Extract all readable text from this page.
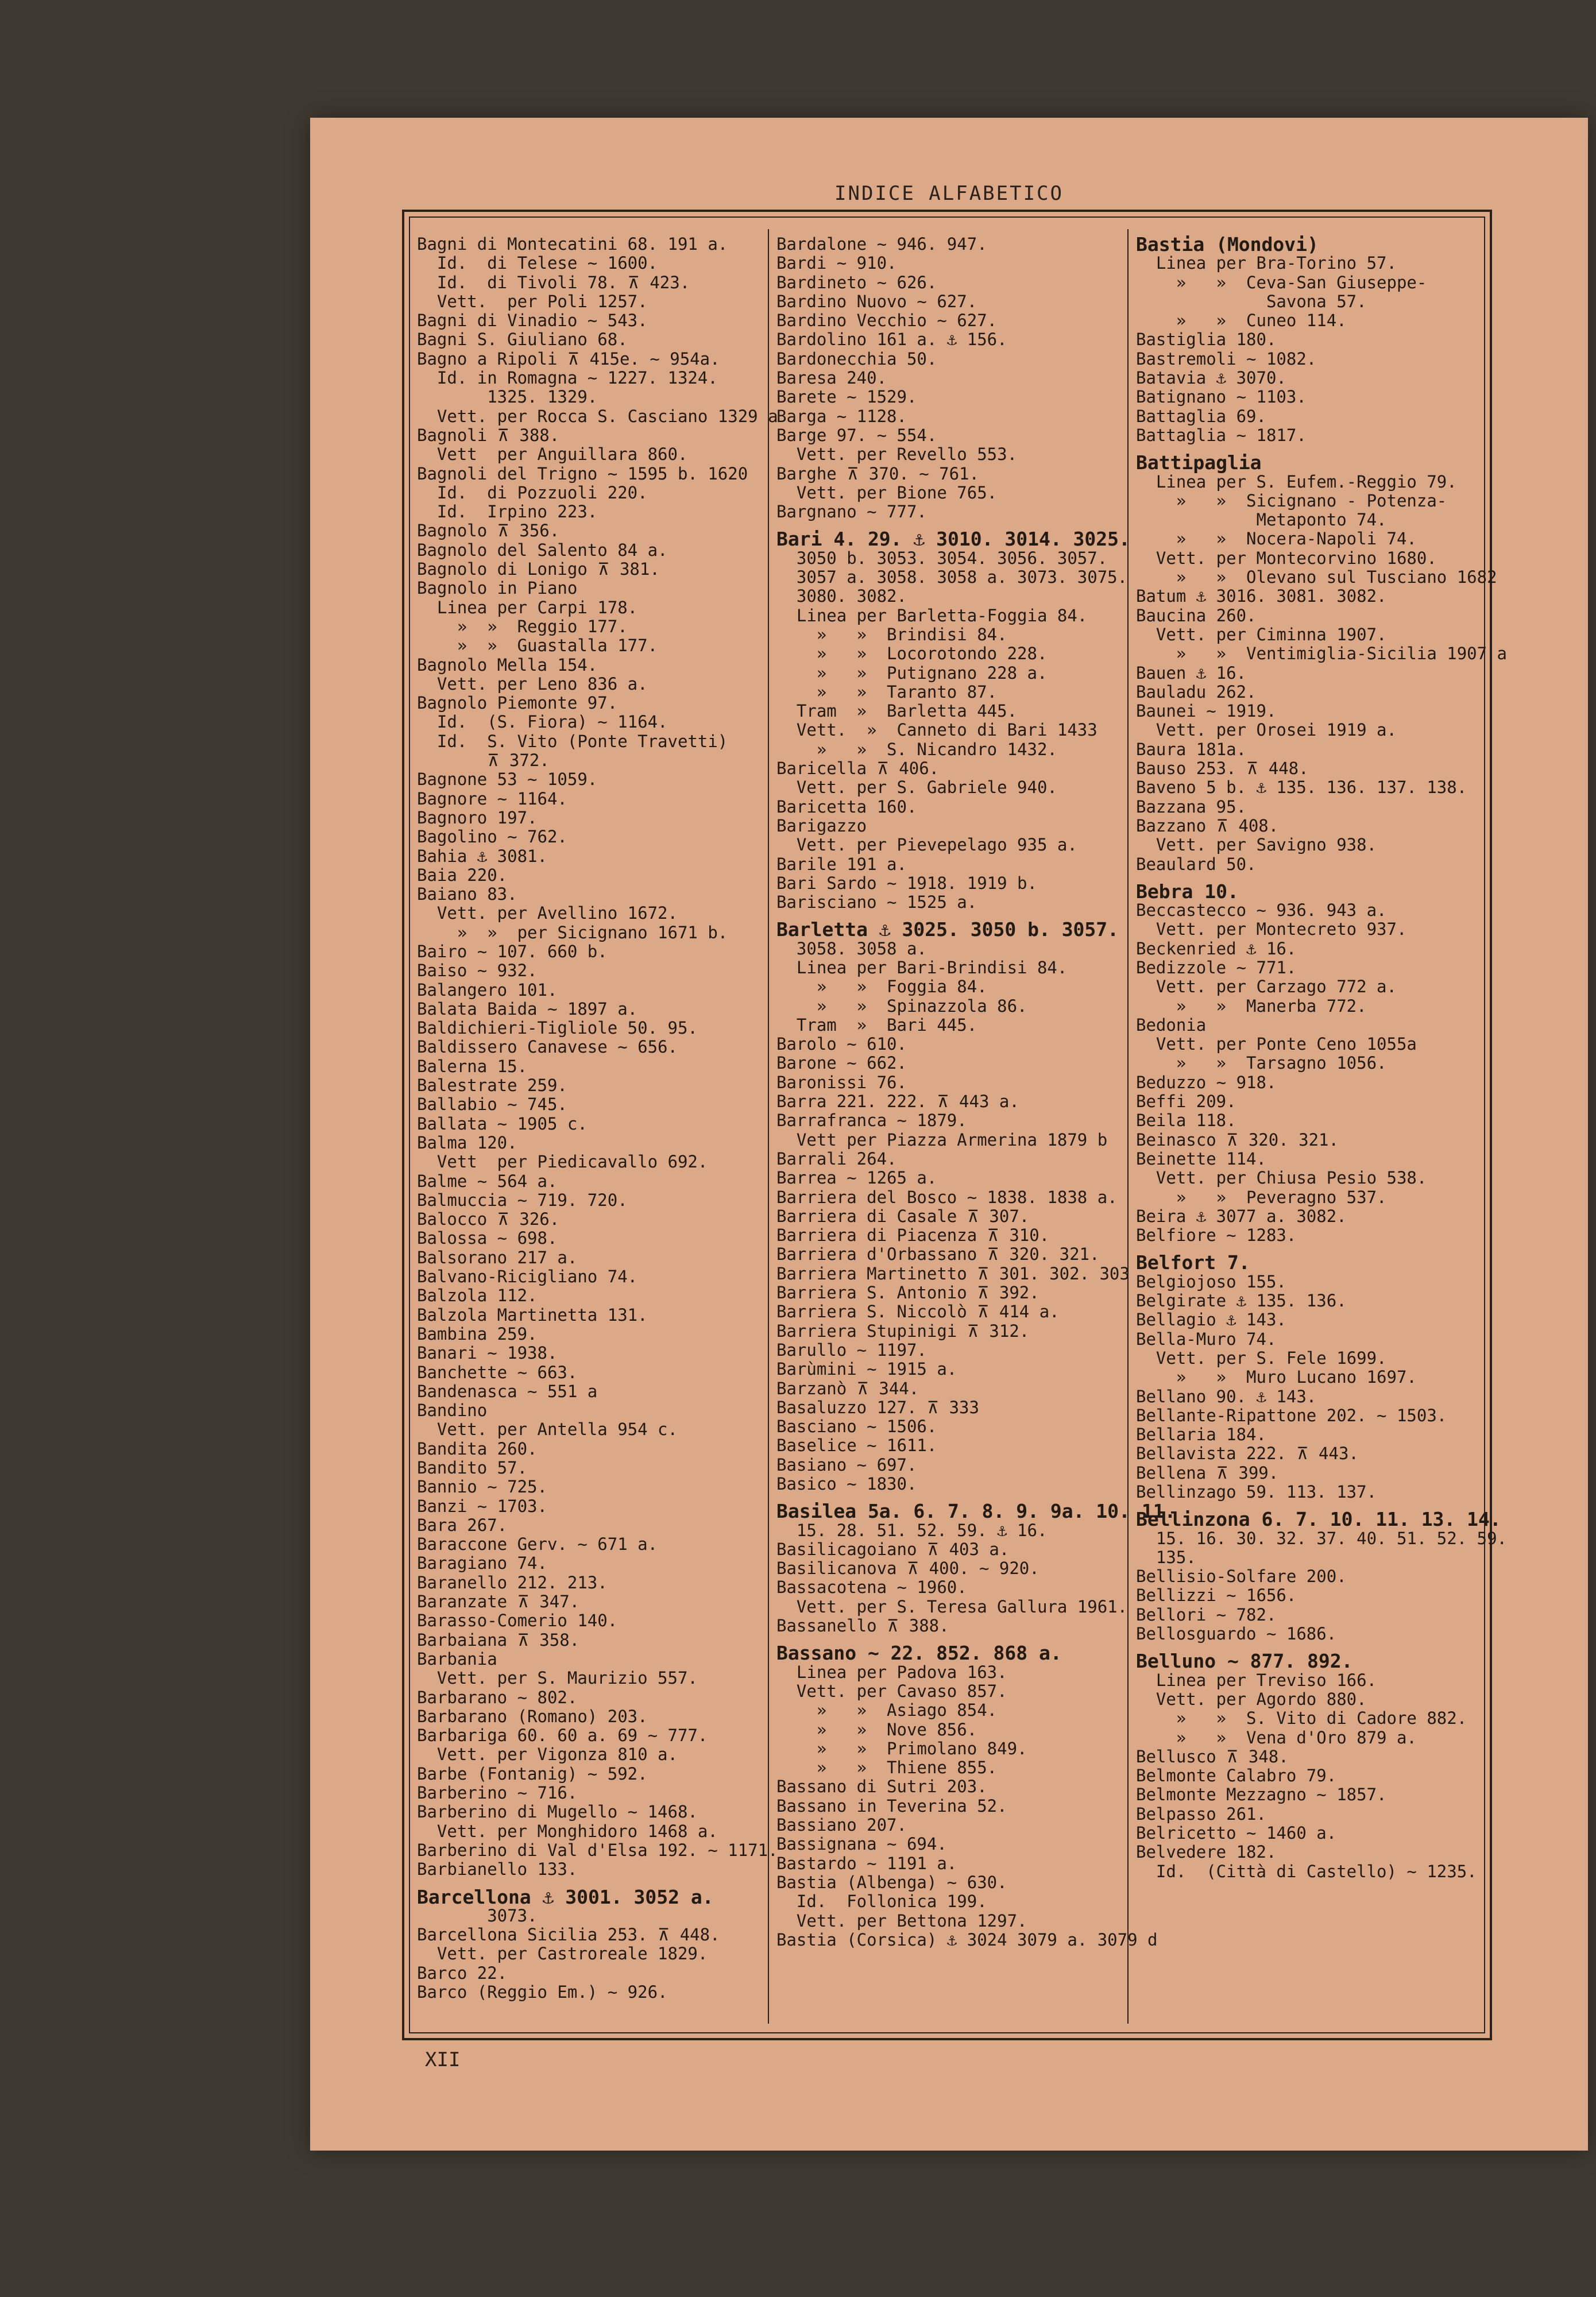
INDICE ALFABETICO
Bagni di Montecatini 68. 191 a.
Id.  di Telese ~ 1600.
Id.  di Tivoli 78. ⊼ 423.
Vett.  per Poli 1257.
Bagni di Vinadio ~ 543.
Bagni S. Giuliano 68.
Bagno a Ripoli ⊼ 415e. ~ 954a.
Id. in Romagna ~ 1227. 1324.
1325. 1329.
Vett. per Rocca S. Casciano 1329 a
Bagnoli ⊼ 388.
Vett  per Anguillara 860.
Bagnoli del Trigno ~ 1595 b. 1620
Id.  di Pozzuoli 220.
Id.  Irpino 223.
Bagnolo ⊼ 356.
Bagnolo del Salento 84 a.
Bagnolo di Lonigo ⊼ 381.
Bagnolo in Piano
Linea per Carpi 178.
»  »  Reggio 177.
»  »  Guastalla 177.
Bagnolo Mella 154.
Vett. per Leno 836 a.
Bagnolo Piemonte 97.
Id.  (S. Fiora) ~ 1164.
Id.  S. Vito (Ponte Travetti)
⊼ 372.
Bagnone 53 ~ 1059.
Bagnore ~ 1164.
Bagnoro 197.
Bagolino ~ 762.
Bahia ⚓ 3081.
Baia 220.
Baiano 83.
Vett. per Avellino 1672.
»  »  per Sicignano 1671 b.
Bairo ~ 107. 660 b.
Baiso ~ 932.
Balangero 101.
Balata Baida ~ 1897 a.
Baldichieri-Tigliole 50. 95.
Baldissero Canavese ~ 656.
Balerna 15.
Balestrate 259.
Ballabio ~ 745.
Ballata ~ 1905 c.
Balma 120.
Vett  per Piedicavallo 692.
Balme ~ 564 a.
Balmuccia ~ 719. 720.
Balocco ⊼ 326.
Balossa ~ 698.
Balsorano 217 a.
Balvano-Ricigliano 74.
Balzola 112.
Balzola Martinetta 131.
Bambina 259.
Banari ~ 1938.
Banchette ~ 663.
Bandenasca ~ 551 a
Bandino
Vett. per Antella 954 c.
Bandita 260.
Bandito 57.
Bannio ~ 725.
Banzi ~ 1703.
Bara 267.
Baraccone Gerv. ~ 671 a.
Baragiano 74.
Baranello 212. 213.
Baranzate ⊼ 347.
Barasso-Comerio 140.
Barbaiana ⊼ 358.
Barbania
Vett. per S. Maurizio 557.
Barbarano ~ 802.
Barbarano (Romano) 203.
Barbariga 60. 60 a. 69 ~ 777.
Vett. per Vigonza 810 a.
Barbe (Fontanig) ~ 592.
Barberino ~ 716.
Barberino di Mugello ~ 1468.
Vett. per Monghidoro 1468 a.
Barberino di Val d'Elsa 192. ~ 1171.
Barbianello 133.
Barcellona ⚓ 3001. 3052 a.
3073.
Barcellona Sicilia 253. ⊼ 448.
Vett. per Castroreale 1829.
Barco 22.
Barco (Reggio Em.) ~ 926.
Bardalone ~ 946. 947.
Bardi ~ 910.
Bardineto ~ 626.
Bardino Nuovo ~ 627.
Bardino Vecchio ~ 627.
Bardolino 161 a. ⚓ 156.
Bardonecchia 50.
Baresa 240.
Barete ~ 1529.
Barga ~ 1128.
Barge 97. ~ 554.
Vett. per Revello 553.
Barghe ⊼ 370. ~ 761.
Vett. per Bione 765.
Bargnano ~ 777.
Bari 4. 29. ⚓ 3010. 3014. 3025.
3050 b. 3053. 3054. 3056. 3057.
3057 a. 3058. 3058 a. 3073. 3075.
3080. 3082.
Linea per Barletta-Foggia 84.
»   »  Brindisi 84.
»   »  Locorotondo 228.
»   »  Putignano 228 a.
»   »  Taranto 87.
Tram  »  Barletta 445.
Vett.  »  Canneto di Bari 1433
»   »  S. Nicandro 1432.
Baricella ⊼ 406.
Vett. per S. Gabriele 940.
Baricetta 160.
Barigazzo
Vett. per Pievepelago 935 a.
Barile 191 a.
Bari Sardo ~ 1918. 1919 b.
Barisciano ~ 1525 a.
Barletta ⚓ 3025. 3050 b. 3057.
3058. 3058 a.
Linea per Bari-Brindisi 84.
»   »  Foggia 84.
»   »  Spinazzola 86.
Tram  »  Bari 445.
Barolo ~ 610.
Barone ~ 662.
Baronissi 76.
Barra 221. 222. ⊼ 443 a.
Barrafranca ~ 1879.
Vett per Piazza Armerina 1879 b
Barrali 264.
Barrea ~ 1265 a.
Barriera del Bosco ~ 1838. 1838 a.
Barriera di Casale ⊼ 307.
Barriera di Piacenza ⊼ 310.
Barriera d'Orbassano ⊼ 320. 321.
Barriera Martinetto ⊼ 301. 302. 303
Barriera S. Antonio ⊼ 392.
Barriera S. Niccolò ⊼ 414 a.
Barriera Stupinigi ⊼ 312.
Barullo ~ 1197.
Barùmini ~ 1915 a.
Barzanò ⊼ 344.
Basaluzzo 127. ⊼ 333
Basciano ~ 1506.
Baselice ~ 1611.
Basiano ~ 697.
Basico ~ 1830.
Basilea 5a. 6. 7. 8. 9. 9a. 10. 11.
15. 28. 51. 52. 59. ⚓ 16.
Basilicagoiano ⊼ 403 a.
Basilicanova ⊼ 400. ~ 920.
Bassacotena ~ 1960.
Vett. per S. Teresa Gallura 1961.
Bassanello ⊼ 388.
Bassano ~ 22. 852. 868 a.
Linea per Padova 163.
Vett. per Cavaso 857.
»   »  Asiago 854.
»   »  Nove 856.
»   »  Primolano 849.
»   »  Thiene 855.
Bassano di Sutri 203.
Bassano in Teverina 52.
Bassiano 207.
Bassignana ~ 694.
Bastardo ~ 1191 a.
Bastia (Albenga) ~ 630.
Id.  Follonica 199.
Vett. per Bettona 1297.
Bastia (Corsica) ⚓ 3024 3079 a. 3079 d
Bastia (Mondovi)
Linea per Bra-Torino 57.
»   »  Ceva-San Giuseppe-
Savona 57.
»   »  Cuneo 114.
Bastiglia 180.
Bastremoli ~ 1082.
Batavia ⚓ 3070.
Batignano ~ 1103.
Battaglia 69.
Battaglia ~ 1817.
Battipaglia
Linea per S. Eufem.-Reggio 79.
»   »  Sicignano - Potenza-
Metaponto 74.
»   »  Nocera-Napoli 74.
Vett. per Montecorvino 1680.
»   »  Olevano sul Tusciano 1682
Batum ⚓ 3016. 3081. 3082.
Baucina 260.
Vett. per Ciminna 1907.
»   »  Ventimiglia-Sicilia 1907 a
Bauen ⚓ 16.
Bauladu 262.
Baunei ~ 1919.
Vett. per Orosei 1919 a.
Baura 181a.
Bauso 253. ⊼ 448.
Baveno 5 b. ⚓ 135. 136. 137. 138.
Bazzana 95.
Bazzano ⊼ 408.
Vett. per Savigno 938.
Beaulard 50.
Bebra 10.
Beccastecco ~ 936. 943 a.
Vett. per Montecreto 937.
Beckenried ⚓ 16.
Bedizzole ~ 771.
Vett. per Carzago 772 a.
»   »  Manerba 772.
Bedonia
Vett. per Ponte Ceno 1055a
»   »  Tarsagno 1056.
Beduzzo ~ 918.
Beffi 209.
Beila 118.
Beinasco ⊼ 320. 321.
Beinette 114.
Vett. per Chiusa Pesio 538.
»   »  Peveragno 537.
Beira ⚓ 3077 a. 3082.
Belfiore ~ 1283.
Belfort 7.
Belgiojoso 155.
Belgirate ⚓ 135. 136.
Bellagio ⚓ 143.
Bella-Muro 74.
Vett. per S. Fele 1699.
»   »  Muro Lucano 1697.
Bellano 90. ⚓ 143.
Bellante-Ripattone 202. ~ 1503.
Bellaria 184.
Bellavista 222. ⊼ 443.
Bellena ⊼ 399.
Bellinzago 59. 113. 137.
Bellinzona 6. 7. 10. 11. 13. 14.
15. 16. 30. 32. 37. 40. 51. 52. 59.
135.
Bellisio-Solfare 200.
Bellizzi ~ 1656.
Bellori ~ 782.
Bellosguardo ~ 1686.
Belluno ~ 877. 892.
Linea per Treviso 166.
Vett. per Agordo 880.
»   »  S. Vito di Cadore 882.
»   »  Vena d'Oro 879 a.
Belluscо ⊼ 348.
Belmonte Calabro 79.
Belmonte Mezzagno ~ 1857.
Belpasso 261.
Belricetto ~ 1460 a.
Belvedere 182.
Id.  (Città di Castello) ~ 1235.
XII
